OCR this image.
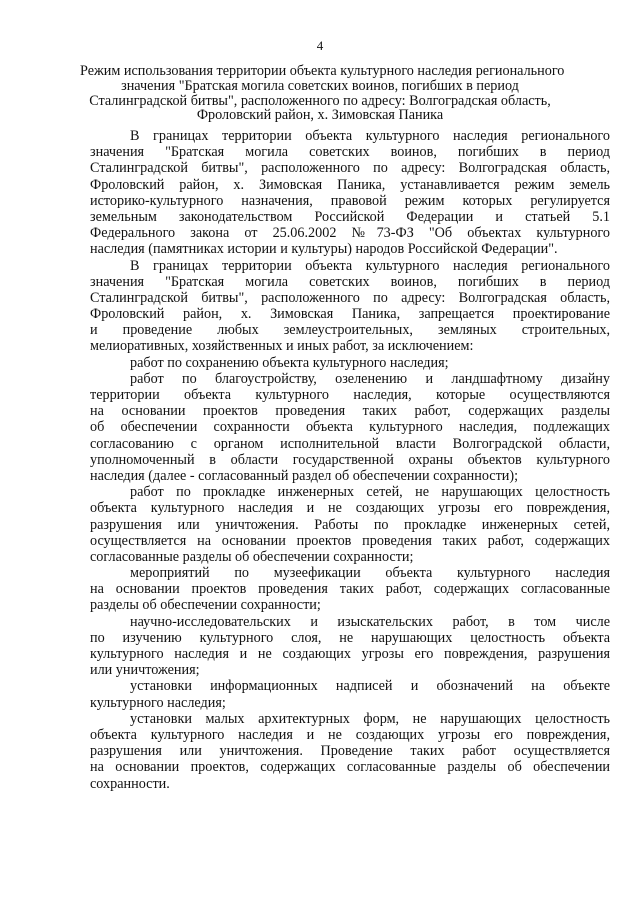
4
Режим использования территории объекта культурного наследия регионального
значения "Братская могила советских воинов, погибших в период
Сталинградской битвы", расположенного по адресу: Волгоградская область,
Фроловский район, х. Зимовская Паника
В границах территории объекта культурного наследия регионального
значения "Братская могила советских воинов, погибших в период
Сталинградской битвы", расположенного по адресу: Волгоградская область,
Фроловский район, х. Зимовская Паника, устанавливается режим земель
историко-культурного назначения, правовой режим которых регулируется
земельным законодательством Российской Федерации и статьей 5.1
Федерального закона от 25.06.2002 №73-ФЗ "Об объектах культурного
наследия (памятниках истории и культуры) народов Российской Федерации".
В границах территории объекта культурного наследия регионального
значения "Братская могила советских воинов, погибших в период
Сталинградской битвы", расположенного по адресу: Волгоградская область,
Фроловский район, х. Зимовская Паника, запрещается проектирование
и проведение любых землеустроительных, земляных строительных,
мелиоративных, хозяйственных и иных работ, за исключением:
работ по сохранению объекта культурного наследия;
работ по благоустройству, озеленению и ландшафтному дизайну
территории объекта культурного наследия, которые осуществляются
на основании проектов проведения таких работ, содержащих разделы
об обеспечении сохранности объекта культурного наследия, подлежащих
согласованию с органом исполнительной власти Волгоградской области,
уполномоченный в области государственной охраны объектов культурного
наследия (далее - согласованный раздел об обеспечении сохранности);
работ по прокладке инженерных сетей, не нарушающих целостность
объекта культурного наследия и не создающих угрозы его повреждения,
разрушения или уничтожения. Работы по прокладке инженерных сетей,
осуществляется на основании проектов проведения таких работ, содержащих
согласованные разделы об обеспечении сохранности;
мероприятий по музеефикации объекта культурного наследия
на основании проектов проведения таких работ, содержащих согласованные
разделы об обеспечении сохранности;
научно-исследовательских и изыскательских работ, в том числе
по изучению культурного слоя, не нарушающих целостность объекта
культурного наследия и не создающих угрозы его повреждения, разрушения
или уничтожения;
установки информационных надписей и обозначений на объекте
культурного наследия;
установки малых архитектурных форм, не нарушающих целостность
объекта культурного наследия и не создающих угрозы его повреждения,
разрушения или уничтожения. Проведение таких работ осуществляется
на основании проектов, содержащих согласованные разделы об обеспечении
сохранности.
